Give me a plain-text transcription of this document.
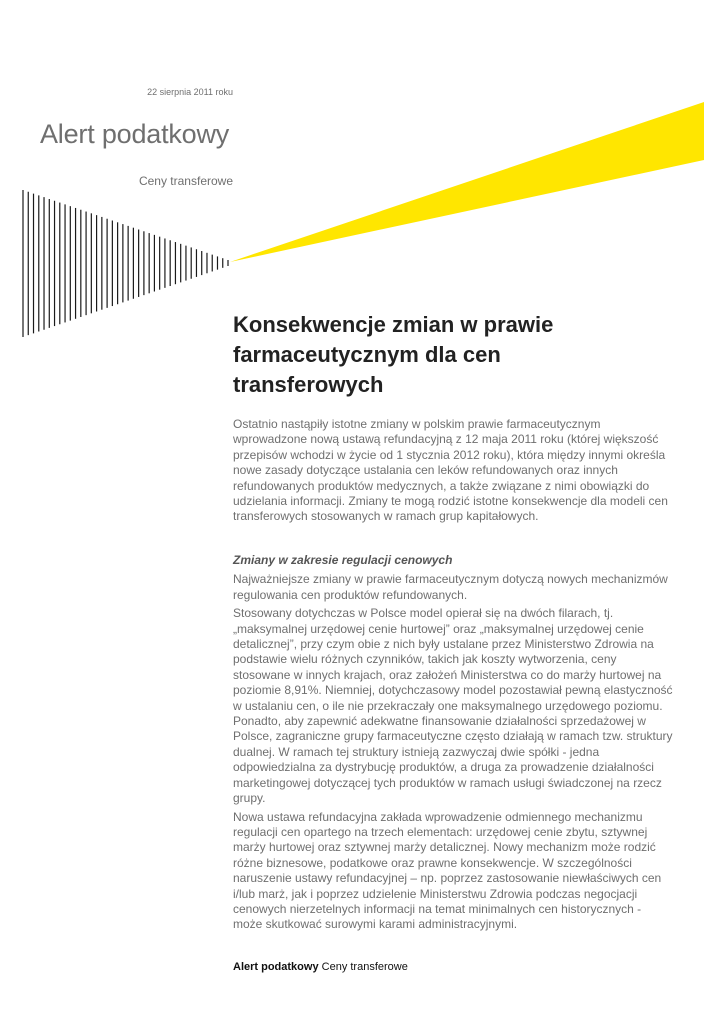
22 sierpnia 2011 roku
Alert podatkowy
Ceny transferowe
Konsekwencje zmian w prawie farmaceutycznym dla cen transferowych
Ostatnio nastąpiły istotne zmiany w polskim prawie farmaceutycznym wprowadzone nową ustawą refundacyjną z 12 maja 2011 roku (której większość przepisów wchodzi w życie od 1 stycznia 2012 roku), która między innymi określa nowe zasady dotyczące ustalania cen leków refundowanych oraz innych refundowanych produktów medycznych, a także związane z nimi obowiązki do udzielania informacji. Zmiany te mogą rodzić istotne konsekwencje dla modeli cen transferowych stosowanych w ramach grup kapitałowych.
Zmiany w zakresie regulacji cenowych

Najważniejsze zmiany w prawie farmaceutycznym dotyczą nowych mechanizmów regulowania cen produktów refundowanych.

Stosowany dotychczas w Polsce model opierał się na dwóch filarach, tj. „maksymalnej urzędowej cenie hurtowej” oraz „maksymalnej urzędowej cenie detalicznej”, przy czym obie z nich były ustalane przez Ministerstwo Zdrowia na podstawie wielu różnych czynników, takich jak koszty wytworzenia, ceny stosowane w innych krajach, oraz założeń Ministerstwa co do marży hurtowej na poziomie 8,91%. Niemniej, dotychczasowy model pozostawiał pewną elastyczność w ustalaniu cen, o ile nie przekraczały one maksymalnego urzędowego poziomu. Ponadto, aby zapewnić adekwatne finansowanie działalności sprzedażowej w Polsce, zagraniczne grupy farmaceutyczne często działają w ramach tzw. struktury dualnej. W ramach tej struktury istnieją zazwyczaj dwie spółki - jedna odpowiedzialna za dystrybucję produktów, a druga za prowadzenie działalności marketingowej dotyczącej tych produktów w ramach usługi świadczonej na rzecz grupy.

Nowa ustawa refundacyjna zakłada wprowadzenie odmiennego mechanizmu regulacji cen opartego na trzech elementach: urzędowej cenie zbytu, sztywnej marży hurtowej oraz sztywnej marży detalicznej. Nowy mechanizm może rodzić różne biznesowe, podatkowe oraz prawne konsekwencje. W szczególności naruszenie ustawy refundacyjnej – np. poprzez zastosowanie niewłaściwych cen i/lub marż, jak i poprzez udzielenie Ministerstwu Zdrowia podczas negocjacji cenowych nierzetelnych informacji na temat minimalnych cen historycznych - może skutkować surowymi karami administracyjnymi.

Alert podatkowy Ceny transferowe
